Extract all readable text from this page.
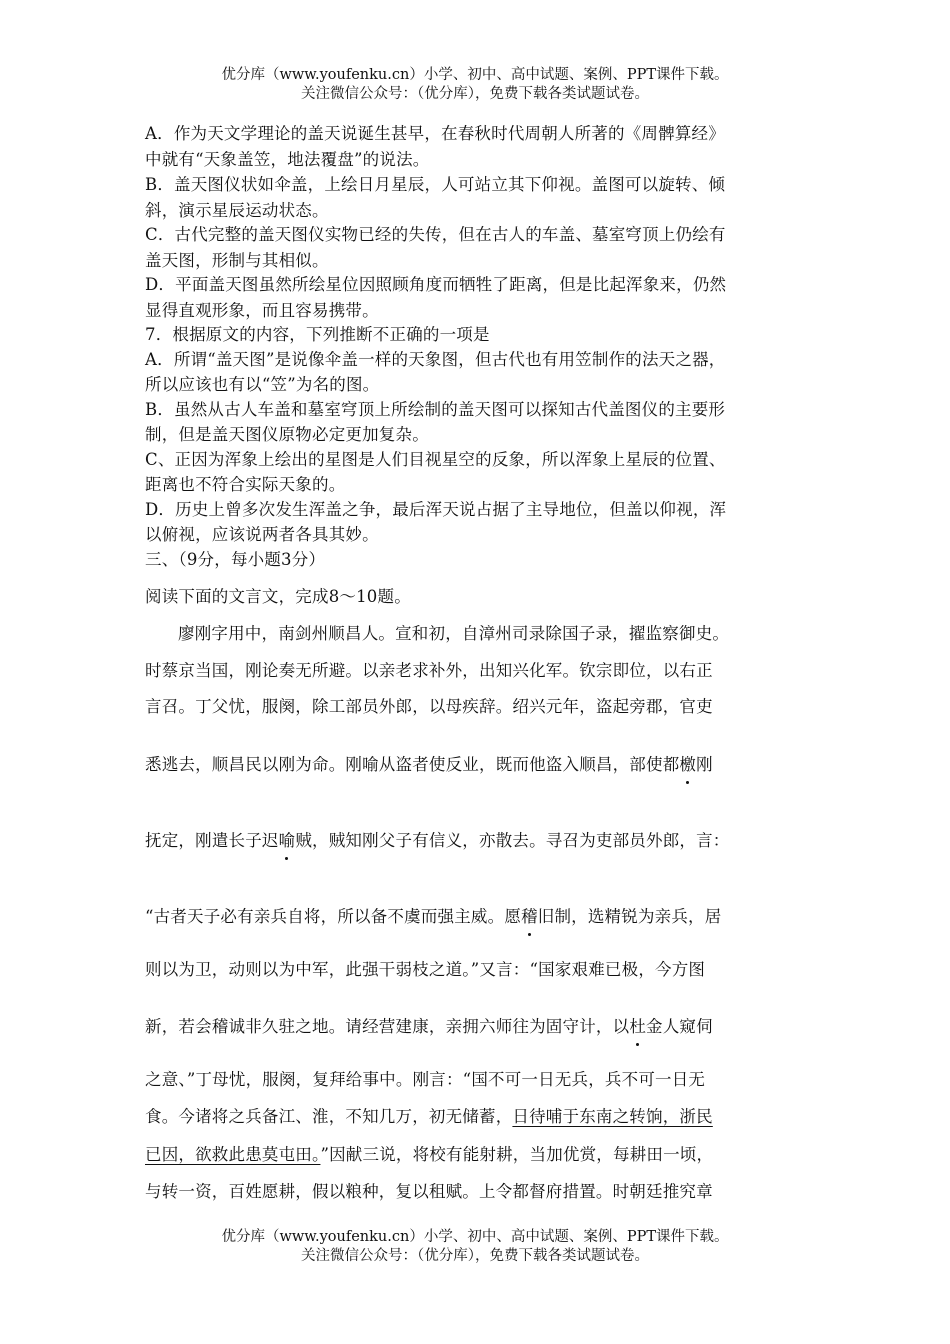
优分库（www.youfenku.cn）小学、初中、高中试题、案例、PPT课件下载。
关注微信公众号：（优分库），免费下载各类试题试卷。
A．作为天文学理论的盖天说诞生甚早，在春秋时代周朝人所著的《周髀算经》
中就有“天象盖笠，地法覆盘”的说法。
B．盖天图仪状如伞盖，上绘日月星辰，人可站立其下仰视。盖图可以旋转、倾
斜，演示星辰运动状态。
C．古代完整的盖天图仪实物已经的失传，但在古人的车盖、墓室穹顶上仍绘有
盖天图，形制与其相似。
D．平面盖天图虽然所绘星位因照顾角度而牺牲了距离，但是比起浑象来，仍然
显得直观形象，而且容易携带。
7．根据原文的内容，下列推断不正确的一项是
A．所谓“盖天图”是说像伞盖一样的天象图，但古代也有用笠制作的法天之器，
所以应该也有以“笠”为名的图。
B．虽然从古人车盖和墓室穹顶上所绘制的盖天图可以探知古代盖图仪的主要形
制，但是盖天图仪原物必定更加复杂。
C、正因为浑象上绘出的星图是人们目视星空的反象，所以浑象上星辰的位置、
距离也不符合实际天象的。
D．历史上曾多次发生浑盖之争，最后浑天说占据了主导地位，但盖以仰视，浑
以俯视，应该说两者各具其妙。
三、（9分，每小题3分）
阅读下面的文言文，完成8～10题。
廖刚字用中，南剑州顺昌人。宣和初，自漳州司录除国子录，擢监察御史。
时蔡京当国，刚论奏无所避。以亲老求补外，出知兴化军。钦宗即位，以右正
言召。丁父忧，服阕，除工部员外郎，以母疾辞。绍兴元年，盗起旁郡，官吏
悉逃去，顺昌民以刚为命。刚喻从盗者使反业，既而他盗入顺昌，部使都檄刚
抚定，刚遣长子迟喻贼，贼知刚父子有信义，亦散去。寻召为吏部员外郎，言：
“古者天子必有亲兵自将，所以备不虞而强主威。愿稽旧制，选精锐为亲兵，居
则以为卫，动则以为中军，此强干弱枝之道。”又言：“国家艰难已极，今方图
新，若会稽诚非久驻之地。请经营建康，亲拥六师往为固守计，以杜金人窥伺
之意、”丁母忧，服阕，复拜给事中。刚言：“国不可一日无兵，兵不可一日无
食。今诸将之兵备江、淮，不知几万，初无储蓄，日待哺于东南之转饷，浙民
已因，欲救此患莫屯田。”因献三说，将校有能射耕，当加优赏，每耕田一顷，
与转一资，百姓愿耕，假以粮种，复以租赋。上令都督府措置。时朝廷推究章
优分库（www.youfenku.cn）小学、初中、高中试题、案例、PPT课件下载。
关注微信公众号：（优分库），免费下载各类试题试卷。
